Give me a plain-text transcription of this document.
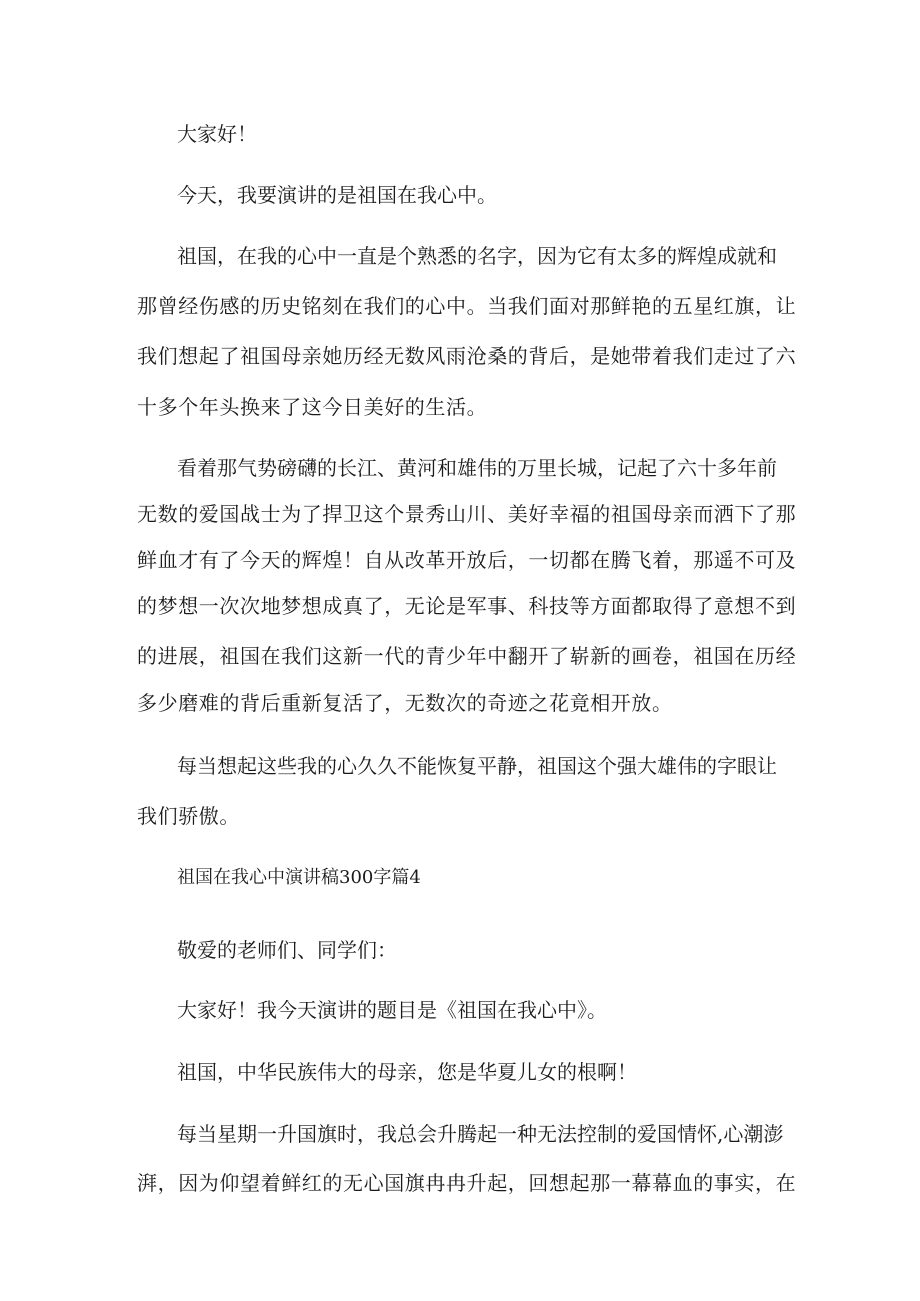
大家好！
今天，我要演讲的是祖国在我心中。
祖国，在我的心中一直是个熟悉的名字，因为它有太多的辉煌成就和
那曾经伤感的历史铭刻在我们的心中。当我们面对那鲜艳的五星红旗，让
我们想起了祖国母亲她历经无数风雨沧桑的背后，是她带着我们走过了六
十多个年头换来了这今日美好的生活。
看着那气势磅礴的长江、黄河和雄伟的万里长城，记起了六十多年前
无数的爱国战士为了捍卫这个景秀山川、美好幸福的祖国母亲而洒下了那
鲜血才有了今天的辉煌！自从改革开放后，一切都在腾飞着，那遥不可及
的梦想一次次地梦想成真了，无论是军事、科技等方面都取得了意想不到
的进展，祖国在我们这新一代的青少年中翻开了崭新的画卷，祖国在历经
多少磨难的背后重新复活了，无数次的奇迹之花竟相开放。
每当想起这些我的心久久不能恢复平静，祖国这个强大雄伟的字眼让
我们骄傲。
祖国在我心中演讲稿300字篇4
敬爱的老师们、同学们：
大家好！我今天演讲的题目是《祖国在我心中》。
祖国，中华民族伟大的母亲，您是华夏儿女的根啊！
每当星期一升国旗时，我总会升腾起一种无法控制的爱国情怀,心潮澎
湃，因为仰望着鲜红的无心国旗冉冉升起，回想起那一幕幕血的事实，在
